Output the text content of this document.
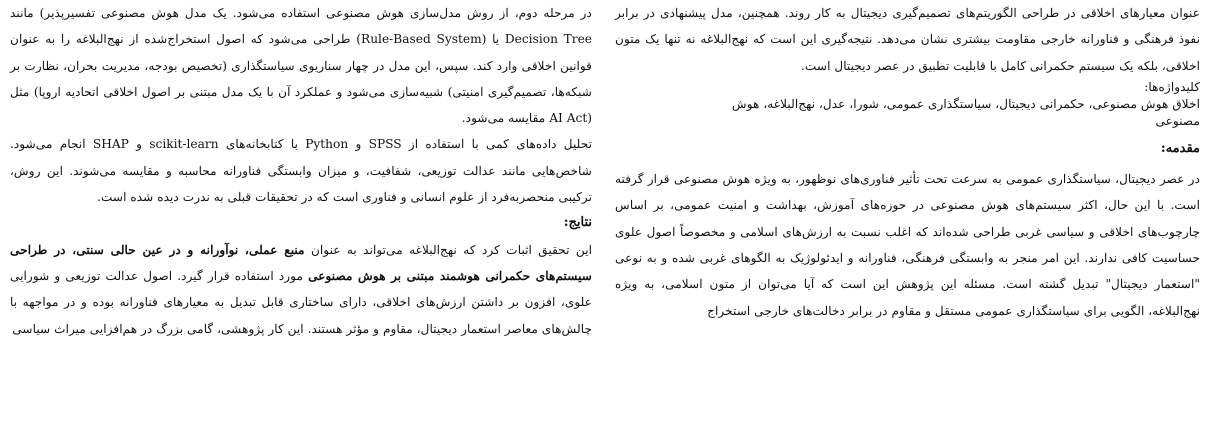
عنوان معیارهای اخلاقی در طراحی الگوریتم‌های تصمیم‌گیری دیجیتال به کار روند. همچنین، مدل پیشنهادی در برابر نفوذ فرهنگی و فناورانه خارجی مقاومت بیشتری نشان می‌دهد. نتیجه‌گیری این است که نهج‌البلاغه نه تنها یک متون اخلاقی، بلکه یک سیستم حکمرانی کامل با قابلیت تطبیق در عصر دیجیتال است.

کلیدواژه‌ها:

اخلاق هوش مصنوعی، حکمرانی دیجیتال، سیاستگذاری عمومی، شورا، عدل، نهج‌البلاغه، هوش مصنوعی

مقدمه:

در عصر دیجیتال، سیاستگذاری عمومی به سرعت تحت تأثیر فناوری‌های نوظهور، به ویژه هوش مصنوعی قرار گرفته است. با این حال، اکثر سیستم‌های هوش مصنوعی در حوزه‌های آموزش، بهداشت و امنیت عمومی، بر اساس چارچوب‌های اخلاقی و سیاسی غربی طراحی شده‌اند که اغلب نسبت به ارزش‌های اسلامی و مخصوصاً اصول علوی حساسیت کافی ندارند. این امر منجر به وابستگی فرهنگی، فناورانه و ایدئولوژیک به الگوهای غربی شده و به نوعی "استعمار دیجیتال" تبدیل گشته است. مسئله این پژوهش این است که آیا می‌توان از متون اسلامی، به ویژه نهج‌البلاغه، الگویی برای سیاستگذاری عمومی مستقل و مقاوم در برابر دخالت‌های خارجی استخراج

در مرحله دوم، از روش مدل‌سازی هوش مصنوعی استفاده می‌شود. یک مدل هوش مصنوعی تفسیرپذیر) مانند Decision Tree یا (Rule-Based System) طراحی می‌شود که اصول استخراج‌شده از نهج‌البلاغه را به عنوان قوانین اخلاقی وارد کند. سپس، این مدل در چهار سناریوی سیاستگذاری (تخصیص بودجه، مدیریت بحران، نظارت بر شبکه‌ها، تصمیم‌گیری امنیتی) شبیه‌سازی می‌شود و عملکرد آن با یک مدل مبتنی بر اصول اخلاقی اتحادیه اروپا) مثل (AI Act مقایسه می‌شود.

تحلیل داده‌های کمی با استفاده از SPSS و Python با کتابخانه‌های scikit-learn و SHAP انجام می‌شود. شاخص‌هایی مانند عدالت توزیعی، شفافیت، و میزان وابستگی فناورانه محاسبه و مقایسه می‌شوند. این روش، ترکیبی منحصربه‌فرد از علوم انسانی و فناوری است که در تحقیقات قبلی به ندرت دیده شده است.

نتایج:

این تحقیق اثبات کرد که نهج‌البلاغه می‌تواند به عنوان منبع عملی، نوآورانه و در عین حالی سنتی، در طراحی سیستم‌های حکمرانی هوشمند مبتنی بر هوش مصنوعی مورد استفاده قرار گیرد. اصول عدالت توزیعی و شورایی علوی، افزون بر داشتن ارزش‌های اخلاقی، دارای ساختاری قابل تبدیل به معیارهای فناورانه بوده و در مواجهه با چالش‌های معاصر استعمار دیجیتال، مقاوم و مؤثر هستند. این کار پژوهشی، گامی بزرگ در هم‌افزایی میراث سیاسی
